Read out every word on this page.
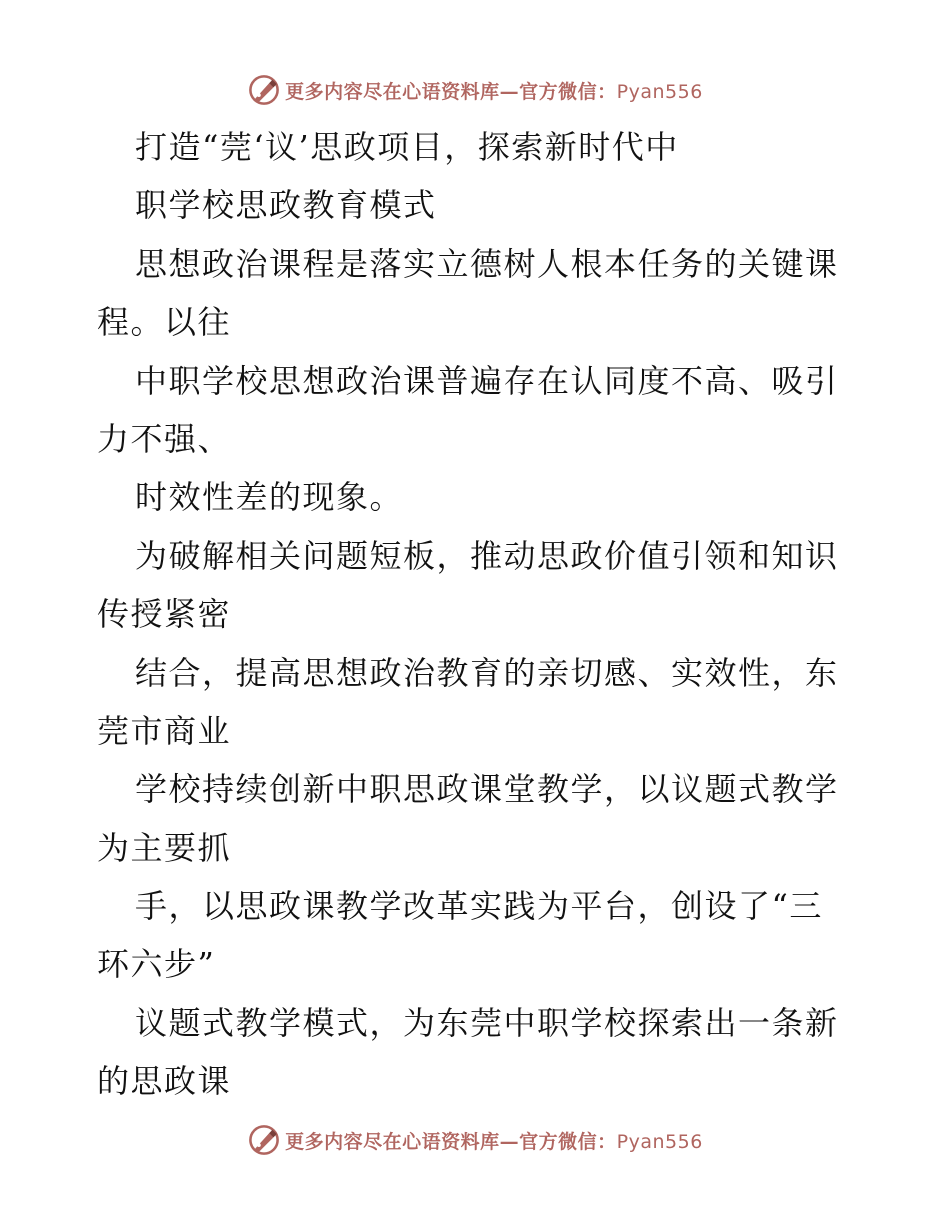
更多内容尽在心语资料库—官方微信：Pyan556
打造“莞‘议’思政项目，探索新时代中
职学校思政教育模式
思想政治课程是落实立德树人根本任务的关键课
程。以往
中职学校思想政治课普遍存在认同度不高、吸引
力不强、
时效性差的现象。
为破解相关问题短板，推动思政价值引领和知识
传授紧密
结合，提高思想政治教育的亲切感、实效性，东
莞市商业
学校持续创新中职思政课堂教学，以议题式教学
为主要抓
手，以思政课教学改革实践为平台，创设了“三
环六步”
议题式教学模式，为东莞中职学校探索出一条新
的思政课
更多内容尽在心语资料库—官方微信：Pyan556
